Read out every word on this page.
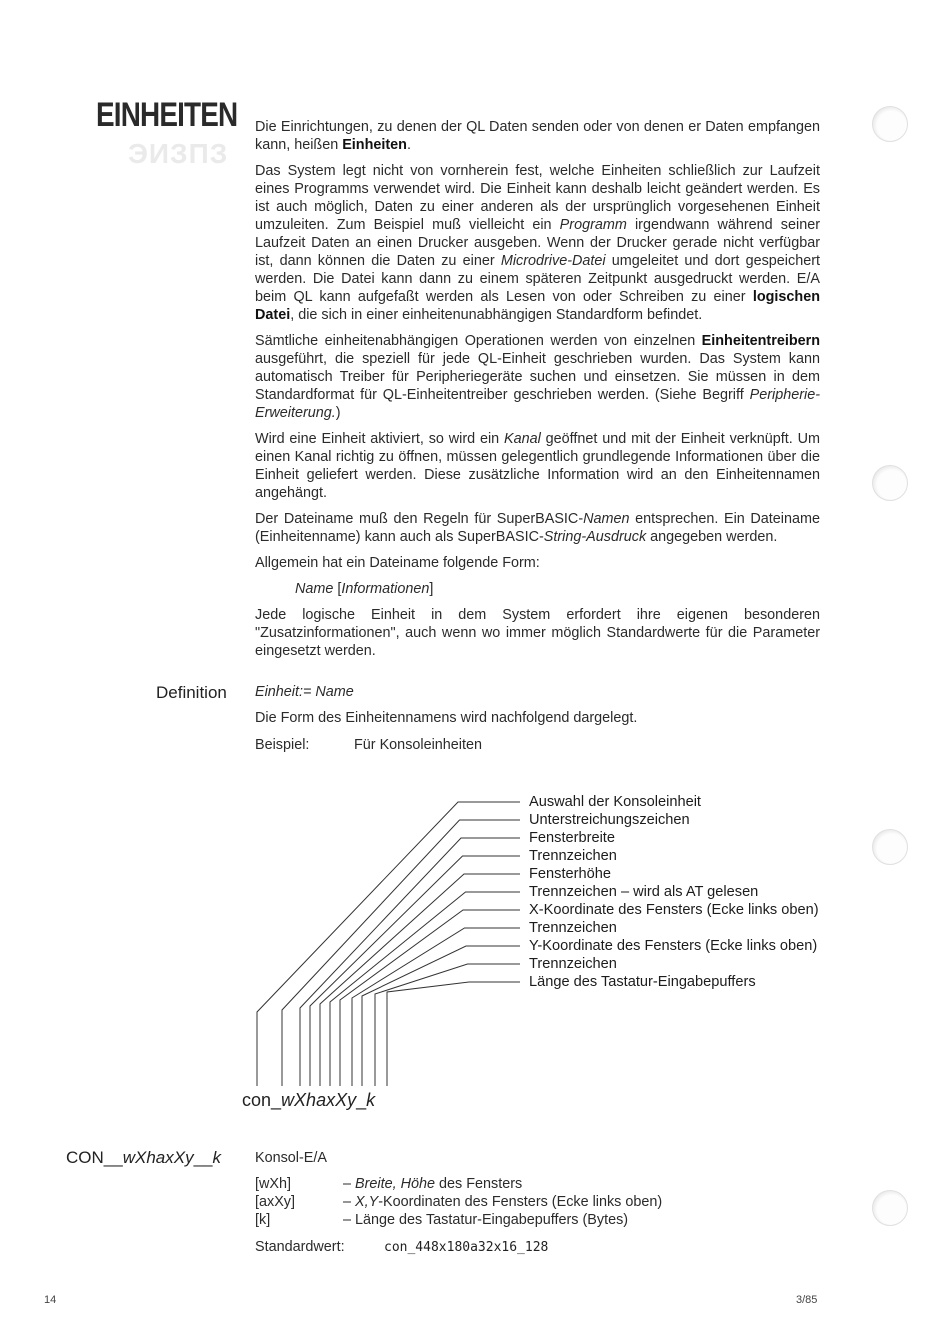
EINHEITEN
ЭИЗПЗ

Die Einrichtungen, zu denen der QL Daten senden oder von denen er Daten empfangen kann, heißen Einheiten.

Das System legt nicht von vornherein fest, welche Einheiten schließlich zur Laufzeit eines Programms verwendet wird. Die Einheit kann deshalb leicht geändert werden. Es ist auch möglich, Daten zu einer anderen als der ursprünglich vorgesehenen Einheit umzuleiten. Zum Beispiel muß vielleicht ein Programm irgendwann während seiner Laufzeit Daten an einen Drucker ausgeben. Wenn der Drucker gerade nicht verfügbar ist, dann können die Daten zu einer Microdrive-Datei umgeleitet und dort gespeichert werden. Die Datei kann dann zu einem späteren Zeitpunkt ausgedruckt werden. E/A beim QL kann aufgefaßt werden als Lesen von oder Schreiben zu einer logischen Datei, die sich in einer einheitenunabhängigen Standardform befindet.

Sämtliche einheitenabhängigen Operationen werden von einzelnen Einheitentreibern ausgeführt, die speziell für jede QL-Einheit geschrieben wurden. Das System kann automatisch Treiber für Peripheriegeräte suchen und einsetzen. Sie müssen in dem Standardformat für QL-Einheitentreiber geschrieben werden. (Siehe Begriff Peripherie-Erweiterung.)

Wird eine Einheit aktiviert, so wird ein Kanal geöffnet und mit der Einheit verknüpft. Um einen Kanal richtig zu öffnen, müssen gelegentlich grundlegende Informationen über die Einheit geliefert werden. Diese zusätzliche Information wird an den Einheitennamen angehängt.

Der Dateiname muß den Regeln für SuperBASIC-Namen entsprechen. Ein Dateiname (Einheitenname) kann auch als SuperBASIC-String-Ausdruck angegeben werden.

Allgemein hat ein Dateiname folgende Form:

Name [Informationen]

Jede logische Einheit in dem System erfordert ihre eigenen besonderen "Zusatzinformationen", auch wenn wo immer möglich Standardwerte für die Parameter eingesetzt werden.

Definition Einheit:= Name
Die Form des Einheitennamens wird nachfolgend dargelegt.
Beispiel:	Für Konsoleinheiten
Auswahl der Konsoleinheit
Unterstreichungszeichen
Fensterbreite
Trennzeichen
Fensterhöhe
Trennzeichen – wird als AT gelesen
X-Koordinate des Fensters (Ecke links oben)
Trennzeichen
Y-Koordinate des Fensters (Ecke links oben)
Trennzeichen
Länge des Tastatur-Eingabepuffers
con_wXhaxXy_k
CON__wXhaxXy__k Konsol-E/A
[wXh]	– Breite, Höhe des Fensters
[axXy]	– X,Y-Koordinaten des Fensters (Ecke links oben)
[k]	– Länge des Tastatur-Eingabepuffers (Bytes)
Standardwert:	con_448x180a32x16_128
14	3/85
